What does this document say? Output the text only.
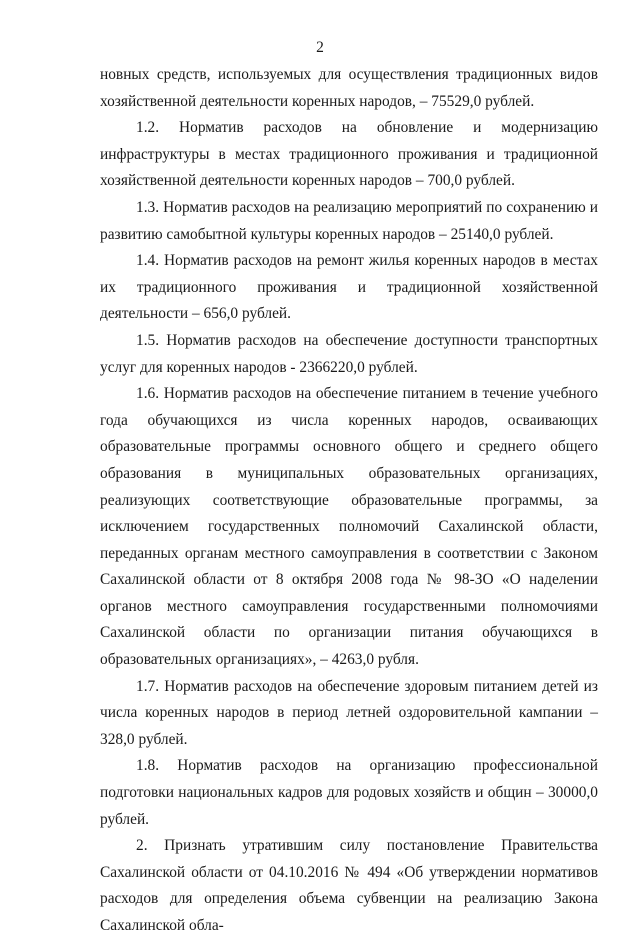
2

новных средств, используемых для осуществления традиционных видов хозяйственной деятельности коренных народов, – 75529,0 рублей.

1.2. Норматив расходов на обновление и модернизацию инфраструктуры в местах традиционного проживания и традиционной хозяйственной деятельности коренных народов – 700,0 рублей.

1.3. Норматив расходов на реализацию мероприятий по сохранению и развитию самобытной культуры коренных народов – 25140,0 рублей.

1.4. Норматив расходов на ремонт жилья коренных народов в местах их традиционного проживания и традиционной хозяйственной деятельности – 656,0 рублей.

1.5. Норматив расходов на обеспечение доступности транспортных услуг для коренных народов - 2366220,0 рублей.

1.6. Норматив расходов на обеспечение питанием в течение учебного года обучающихся из числа коренных народов, осваивающих образовательные программы основного общего и среднего общего образования в муниципальных образовательных организациях, реализующих соответствующие образовательные программы, за исключением государственных полномочий Сахалинской области, переданных органам местного самоуправления в соответствии с Законом Сахалинской области от 8 октября 2008 года № 98-ЗО «О наделении органов местного самоуправления государственными полномочиями Сахалинской области по организации питания обучающихся в образовательных организациях», – 4263,0 рубля.

1.7. Норматив расходов на обеспечение здоровым питанием детей из числа коренных народов в период летней оздоровительной кампании – 328,0 рублей.

1.8. Норматив расходов на организацию профессиональной подготовки национальных кадров для родовых хозяйств и общин – 30000,0 рублей.

2. Признать утратившим силу постановление Правительства Сахалинской области от 04.10.2016 № 494 «Об утверждении нормативов расходов для определения объема субвенции на реализацию Закона Сахалинской обла-
